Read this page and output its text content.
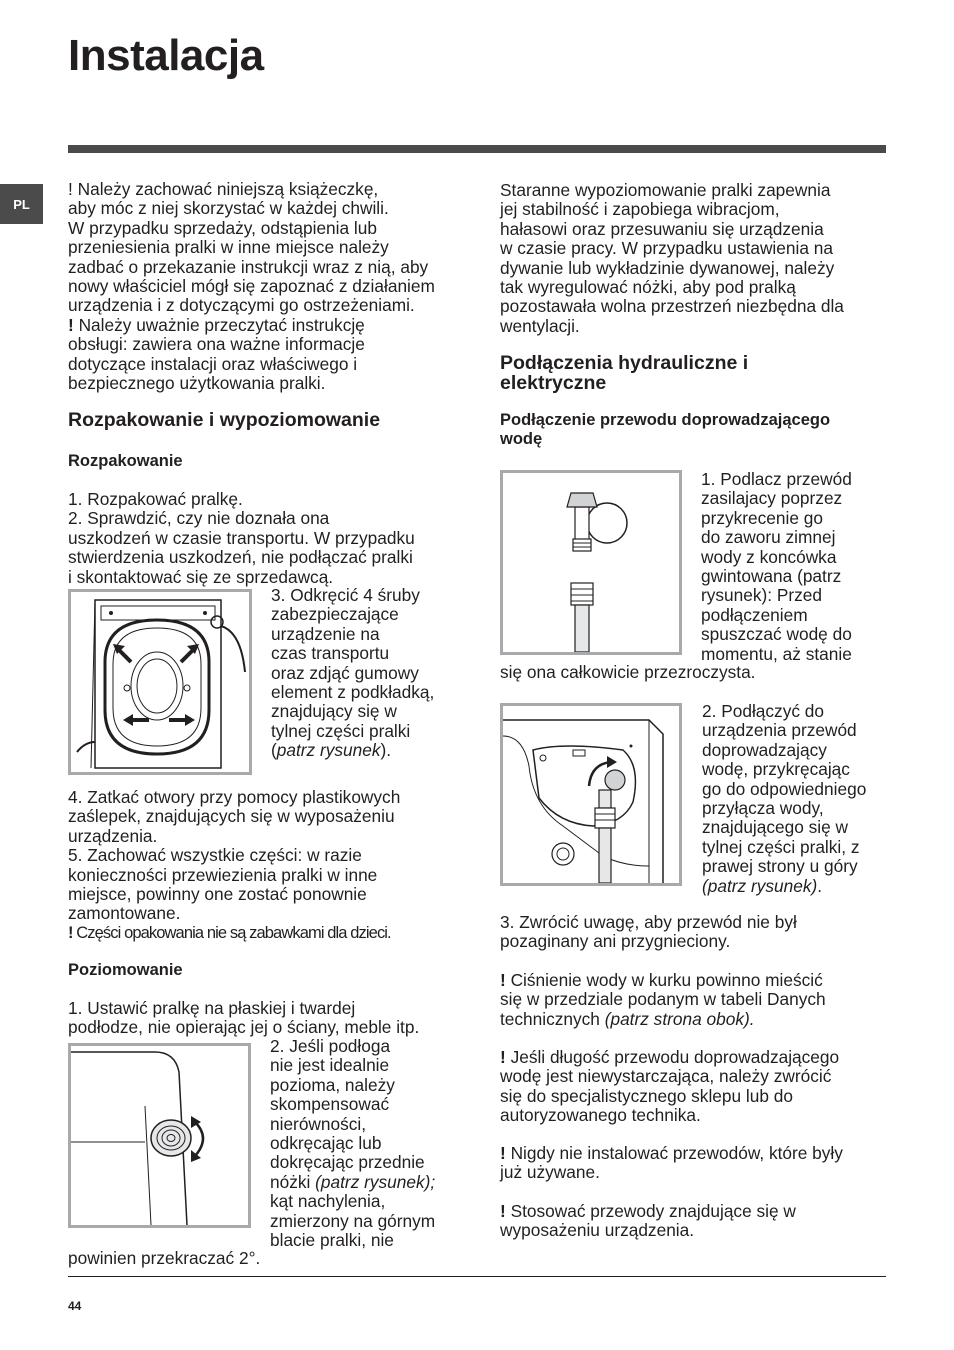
Instalacja
PL
! Należy zachować niniejszą książeczkę,
aby móc z niej skorzystać w każdej chwili.
W przypadku sprzedaży, odstąpienia lub
przeniesienia pralki w inne miejsce należy
zadbać o przekazanie instrukcji wraz z nią, aby
nowy właściciel mógł się zapoznać z działaniem
urządzenia i z dotyczącymi go ostrzeżeniami.
! Należy uważnie przeczytać instrukcję
obsługi: zawiera ona ważne informacje
dotyczące instalacji oraz właściwego i
bezpiecznego użytkowania pralki.
Rozpakowanie i wypoziomowanie
Rozpakowanie
1. Rozpakować pralkę.
2. Sprawdzić, czy nie doznała ona
uszkodzeń w czasie transportu. W przypadku
stwierdzenia uszkodzeń, nie podłączać pralki
i skontaktować się ze sprzedawcą.
3. Odkręcić 4 śruby
zabezpieczające
urządzenie na
czas transportu
oraz zdjąć gumowy
element z podkładką,
znajdujący się w
tylnej części pralki
(patrz rysunek).
4. Zatkać otwory przy pomocy plastikowych
zaślepek, znajdujących się w wyposażeniu
urządzenia.
5. Zachować wszystkie części: w razie
konieczności przewiezienia pralki w inne
miejsce, powinny one zostać ponownie
zamontowane.
! Części opakowania nie są zabawkami dla dzieci.
Poziomowanie
1. Ustawić pralkę na płaskiej i twardej
podłodze, nie opierając jej o ściany, meble itp.
2. Jeśli podłoga
nie jest idealnie
pozioma, należy
skompensować
nierówności,
odkręcając lub
dokręcając przednie
nóżki (patrz rysunek);
kąt nachylenia,
zmierzony na górnym
blacie pralki, nie
powinien przekraczać 2°.
Staranne wypoziomowanie pralki zapewnia
jej stabilność i zapobiega wibracjom,
hałasowi oraz przesuwaniu się urządzenia
w czasie pracy. W przypadku ustawienia na
dywanie lub wykładzinie dywanowej, należy
tak wyregulować nóżki, aby pod pralką
pozostawała wolna przestrzeń niezbędna dla
wentylacji.
Podłączenia hydrauliczne i
elektryczne
Podłączenie przewodu doprowadzającego
wodę
1. Podlacz przewód
zasilajacy poprzez
przykrecenie go
do zaworu zimnej
wody z koncówka
gwintowana (patrz
rysunek): Przed
podłączeniem
spuszczać wodę do
momentu, aż stanie
się ona całkowicie przezroczysta.
2. Podłączyć do
urządzenia przewód
doprowadzający
wodę, przykręcając
go do odpowiedniego
przyłącza wody,
znajdującego się w
tylnej części pralki, z
prawej strony u góry
(patrz rysunek).
3. Zwrócić uwagę, aby przewód nie był
pozaginany ani przygnieciony.
! Ciśnienie wody w kurku powinno mieścić
się w przedziale podanym w tabeli Danych
technicznych (patrz strona obok).
! Jeśli długość przewodu doprowadzającego
wodę jest niewystarczająca, należy zwrócić
się do specjalistycznego sklepu lub do
autoryzowanego technika.
! Nigdy nie instalować przewodów, które były
już używane.
! Stosować przewody znajdujące się w
wyposażeniu urządzenia.
44
